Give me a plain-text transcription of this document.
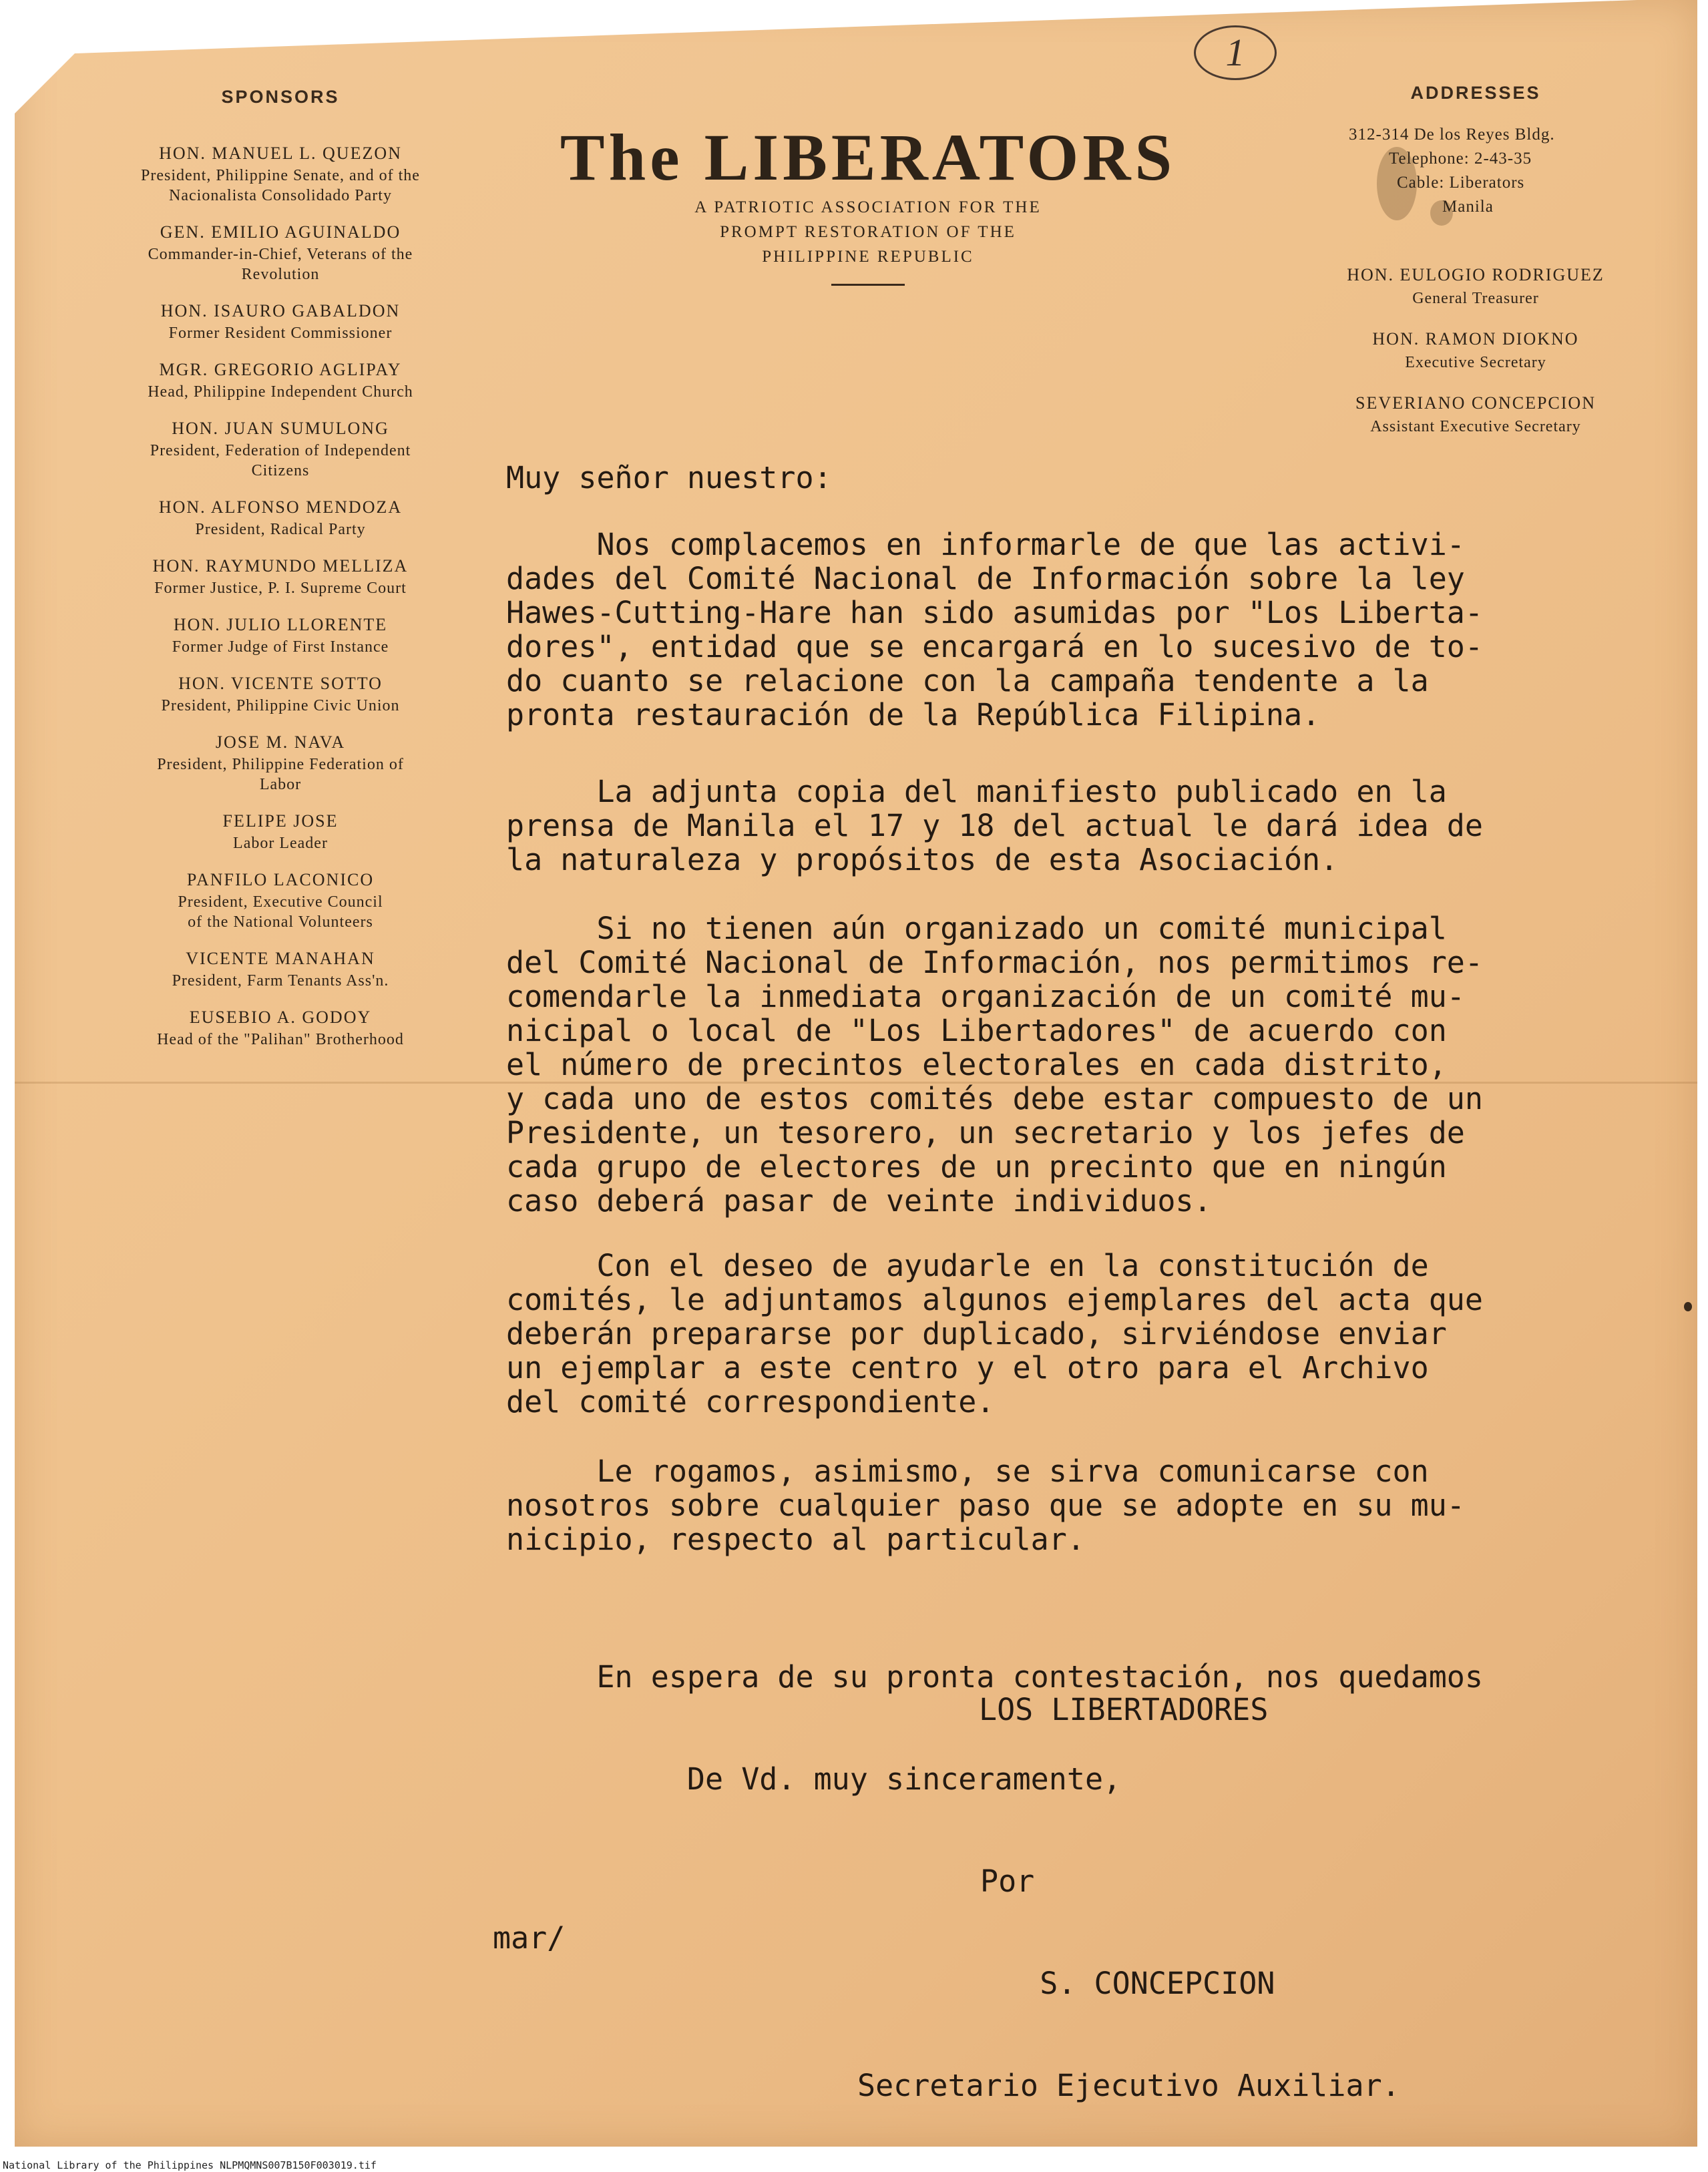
1
SPONSORS
HON. MANUEL L. QUEZON
President, Philippine Senate, and of the
Nacionalista Consolidado Party
GEN. EMILIO AGUINALDO
Commander-in-Chief, Veterans of the
Revolution
HON. ISAURO GABALDON
Former Resident Commissioner
MGR. GREGORIO AGLIPAY
Head, Philippine Independent Church
HON. JUAN SUMULONG
President, Federation of Independent
Citizens
HON. ALFONSO MENDOZA
President, Radical Party
HON. RAYMUNDO MELLIZA
Former Justice, P. I. Supreme Court
HON. JULIO LLORENTE
Former Judge of First Instance
HON. VICENTE SOTTO
President, Philippine Civic Union
JOSE M. NAVA
President, Philippine Federation of
Labor
FELIPE JOSE
Labor Leader
PANFILO LACONICO
President, Executive Council
of the National Volunteers
VICENTE MANAHAN
President, Farm Tenants Ass'n.
EUSEBIO A. GODOY
Head of the "Palihan" Brotherhood
The LIBERATORS
A PATRIOTIC ASSOCIATION FOR THE
PROMPT RESTORATION OF THE
PHILIPPINE REPUBLIC
ADDRESSES
312-314 De los Reyes Bldg.
Telephone: 2-43-35
Cable: Liberators
Manila
HON. EULOGIO RODRIGUEZ
General Treasurer
HON. RAMON DIOKNO
Executive Secretary
SEVERIANO CONCEPCION
Assistant Executive Secretary
Muy señor nuestro:
Nos complacemos en informarle de que las activi-
dades del Comité Nacional de Información sobre la ley
Hawes-Cutting-Hare han sido asumidas por "Los Liberta-
dores", entidad que se encargará en lo sucesivo de to-
do cuanto se relacione con la campaña tendente a la
pronta restauración de la República Filipina.
La adjunta copia del manifiesto publicado en la
prensa de Manila el 17 y 18 del actual le dará idea de
la naturaleza y propósitos de esta Asociación.
Si no tienen aún organizado un comité municipal
del Comité Nacional de Información, nos permitimos re-
comendarle la inmediata organización de un comité mu-
nicipal o local de "Los Libertadores" de acuerdo con
el número de precintos electorales en cada distrito,
y cada uno de estos comités debe estar compuesto de un
Presidente, un tesorero, un secretario y los jefes de
cada grupo de electores de un precinto que en ningún
caso deberá pasar de veinte individuos.
Con el deseo de ayudarle en la constitución de
comités, le adjuntamos algunos ejemplares del acta que
deberán prepararse por duplicado, sirviéndose enviar
un ejemplar a este centro y el otro para el Archivo
del comité correspondiente.
Le rogamos, asimismo, se sirva comunicarse con
nosotros sobre cualquier paso que se adopte en su mu-
nicipio, respecto al particular.

En espera de su pronta contestación, nos quedamos

De Vd. muy sinceramente,

LOS LIBERTADORES

Por

S. CONCEPCION

Secretario Ejecutivo Auxiliar.

mar/
National Library of the Philippines NLPMQMNS007B150F003019.tif
